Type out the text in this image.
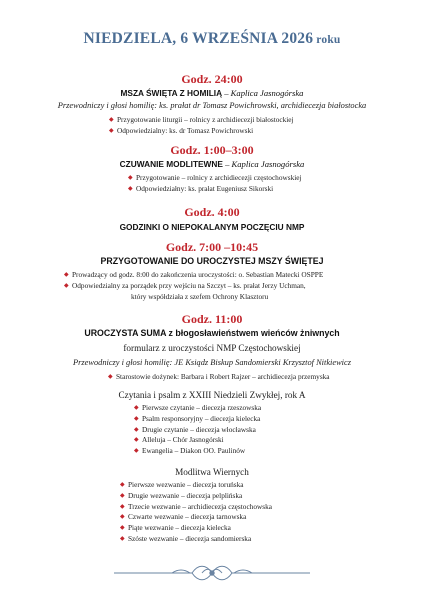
NIEDZIELA, 6 WRZEŚNIA 2026 roku
Godz. 24:00
MSZA ŚWIĘTA Z HOMILIĄ – Kaplica Jasnogórska
Przewodniczy i głosi homilię: ks. prałat dr Tomasz Powichrowski, archidiecezja białostocka
◆ Przygotowanie liturgii – rolnicy z archidiecezji białostockiej
◆ Odpowiedzialny: ks. dr Tomasz Powichrowski
Godz. 1:00–3:00
CZUWANIE MODLITEWNE – Kaplica Jasnogórska
◆ Przygotowanie – rolnicy z archidiecezji częstochowskiej
◆ Odpowiedziałny: ks. prałat Eugeniusz Sikorski
Godz. 4:00
GODZINKI O NIEPOKALANYM POCZĘCIU NMP
Godz. 7:00 –10:45
PRZYGOTOWANIE DO UROCZYSTEJ MSZY ŚWIĘTEJ
◆ Prowadzący od godz. 8:00 do zakończenia uroczystości: o. Sebastian Matecki OSPPE
◆ Odpowiedzialny za porządek przy wejściu na Szczyt – ks. prałat Jerzy Uchman,
który współdziała z szefem Ochrony Klasztoru
Godz. 11:00
UROCZYSTA SUMA z błogosławieństwem wieńców żniwnych
formularz z uroczystości NMP Częstochowskiej
Przewodniczy i głosi homilię: JE Ksiądz Biskup Sandomierski Krzysztof Nitkiewicz
◆ Starostowie dożynek: Barbara i Robert Rajzer – archidiecezja przemyska
Czytania i psalm z XXIII Niedzieli Zwykłej, rok A
◆ Pierwsze czytanie – diecezja rzeszowska
◆ Psalm responsoryjny – diecezja kielecka
◆ Drugie czytanie – diecezja włocławska
◆ Alleluja – Chór Jasnogórski
◆ Ewangelia – Diakon OO. Paulinów
Modlitwa Wiernych
◆ Pierwsze wezwanie – diecezja toruńska
◆ Drugie wezwanie – diecezja pelplińska
◆ Trzecie wezwanie – archidiecezja częstochowska
◆ Czwarte wezwanie – diecezja tarnowska
◆ Piąte wezwanie – diecezja kielecka
◆ Szóste wezwanie – diecezja sandomierska
